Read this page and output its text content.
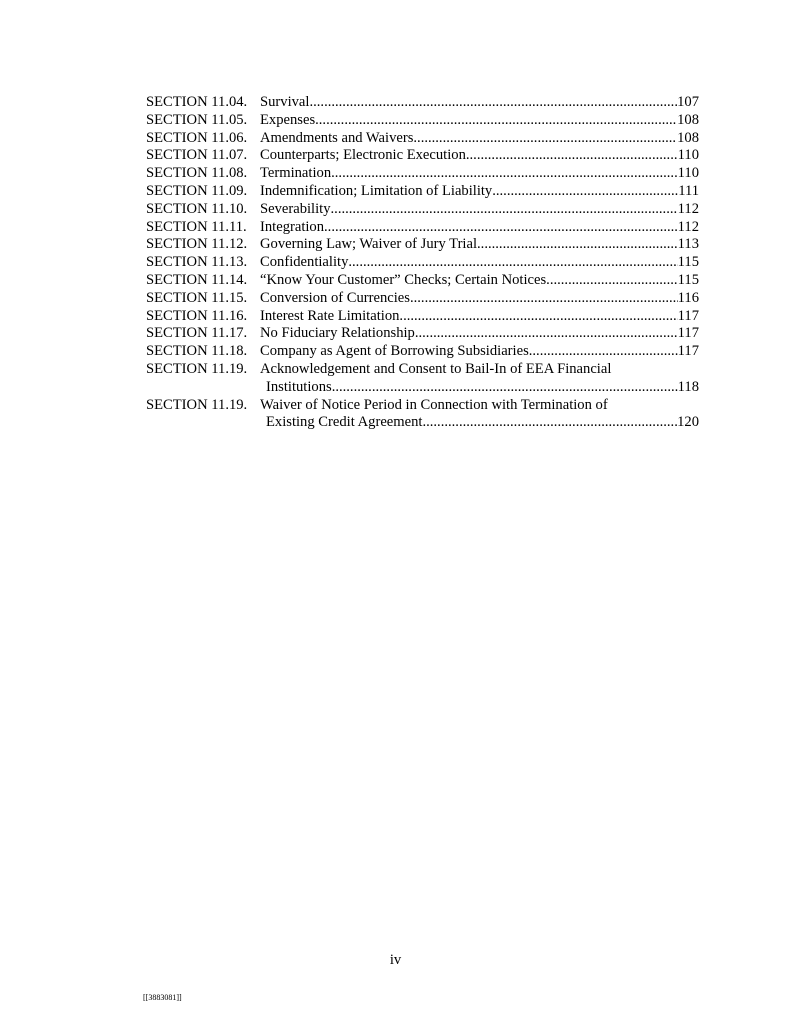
SECTION 11.04. Survival .....	107
SECTION 11.05. Expenses .....	108
SECTION 11.06. Amendments and Waivers .....	108
SECTION 11.07. Counterparts; Electronic Execution .....	110
SECTION 11.08. Termination .....	110
SECTION 11.09. Indemnification; Limitation of Liability .....	111
SECTION 11.10. Severability .....	112
SECTION 11.11. Integration .....	112
SECTION 11.12. Governing Law; Waiver of Jury Trial .....	113
SECTION 11.13. Confidentiality .....	115
SECTION 11.14. “Know Your Customer” Checks; Certain Notices .....	115
SECTION 11.15. Conversion of Currencies .....	116
SECTION 11.16. Interest Rate Limitation .....	117
SECTION 11.17. No Fiduciary Relationship .....	117
SECTION 11.18. Company as Agent of Borrowing Subsidiaries .....	117
SECTION 11.19. Acknowledgement and Consent to Bail-In of EEA Financial
Institutions .....	118
SECTION 11.19. Waiver of Notice Period in Connection with Termination of
Existing Credit Agreement .....	120
iv
[[3883081]]
